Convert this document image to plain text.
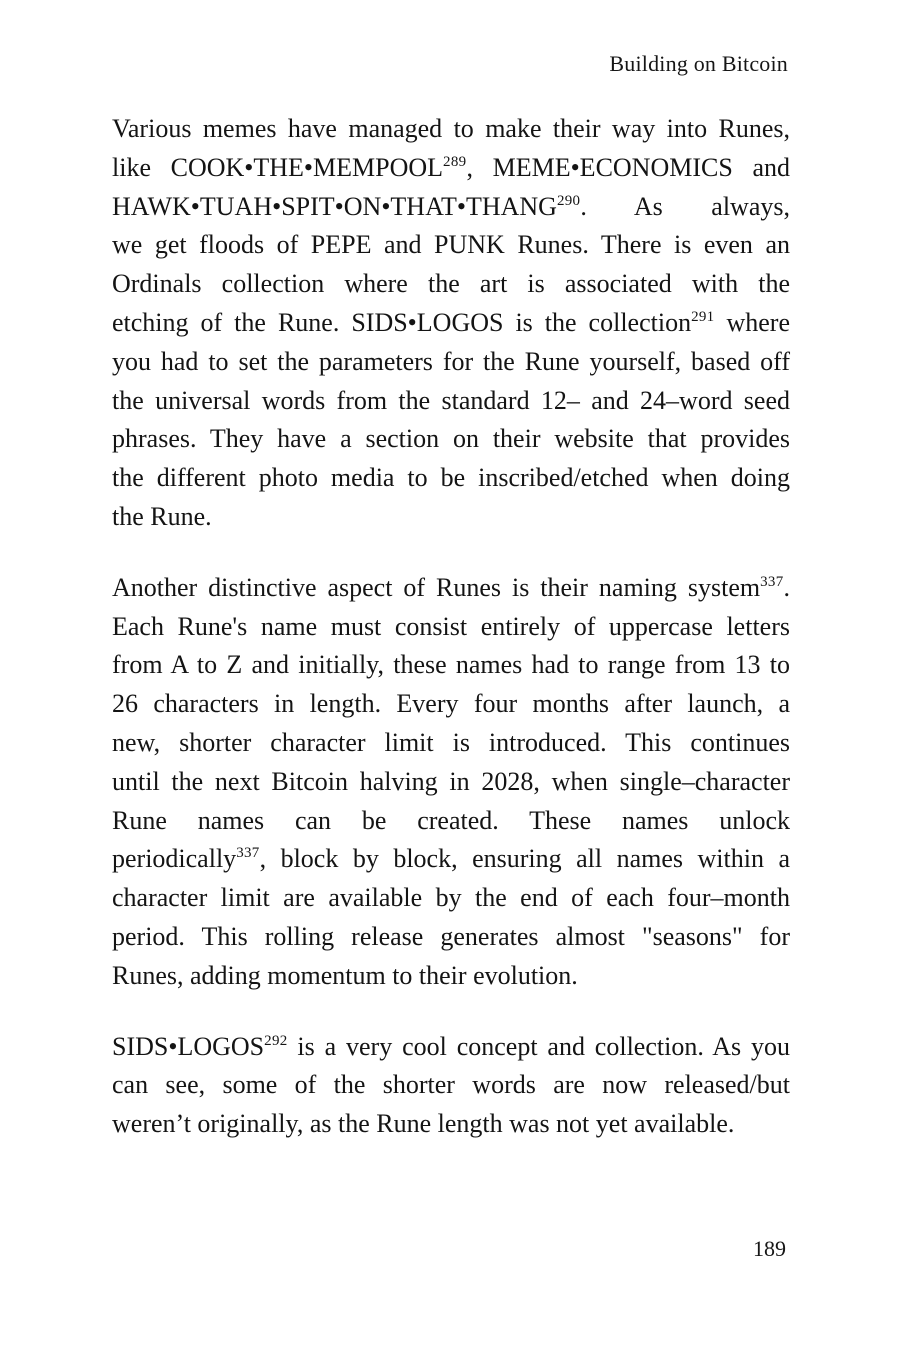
Building on Bitcoin
Various memes have managed to make their way into Runes,
like COOK•THE•MEMPOOL$^{289}$, MEME•ECONOMICS and
HAWK•TUAH•SPIT•ON•THAT•THANG$^{290}$. As always,
we get floods of PEPE and PUNK Runes. There is even an
Ordinals collection where the art is associated with the
etching of the Rune. SIDS•LOGOS is the collection$^{291}$ where
you had to set the parameters for the Rune yourself, based off
the universal words from the standard 12– and 24–word seed
phrases. They have a section on their website that provides
the different photo media to be inscribed/etched when doing
the Rune.
Another distinctive aspect of Runes is their naming system$^{337}$.
Each Rune's name must consist entirely of uppercase letters
from A to Z and initially, these names had to range from 13 to
26 characters in length. Every four months after launch, a
new, shorter character limit is introduced. This continues
until the next Bitcoin halving in 2028, when single–character
Rune names can be created. These names unlock
periodically$^{337}$, block by block, ensuring all names within a
character limit are available by the end of each four–month
period. This rolling release generates almost "seasons" for
Runes, adding momentum to their evolution.
SIDS•LOGOS$^{292}$ is a very cool concept and collection. As you
can see, some of the shorter words are now released/but
weren’t originally, as the Rune length was not yet available.
189
